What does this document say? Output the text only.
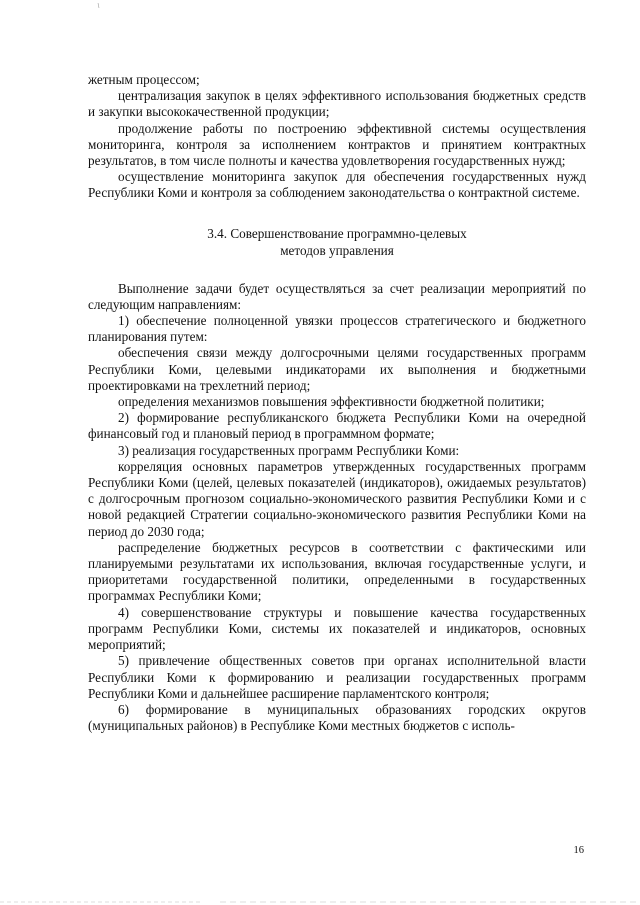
жетным процессом;

централизация закупок в целях эффективного использования бюджетных средств и закупки высококачественной продукции;

продолжение работы по построению эффективной системы осуществления мониторинга, контроля за исполнением контрактов и принятием контрактных результатов, в том числе полноты и качества удовлетворения государственных нужд;

осуществление мониторинга закупок для обеспечения государственных нужд Республики Коми и контроля за соблюдением законодательства о контрактной системе.

3.4. Совершенствование программно-целевых
методов управления

Выполнение задачи будет осуществляться за счет реализации мероприятий по следующим направлениям:

1) обеспечение полноценной увязки процессов стратегического и бюджетного планирования путем:

обеспечения связи между долгосрочными целями государственных программ Республики Коми, целевыми индикаторами их выполнения и бюджетными проектировками на трехлетний период;

определения механизмов повышения эффективности бюджетной политики;

2) формирование республиканского бюджета Республики Коми на очередной финансовый год и плановый период в программном формате;

3) реализация государственных программ Республики Коми:

корреляция основных параметров утвержденных государственных программ Республики Коми (целей, целевых показателей (индикаторов), ожидаемых результатов) с долгосрочным прогнозом социально-экономического развития Республики Коми и с новой редакцией Стратегии социально-экономического развития Республики Коми на период до 2030 года;

распределение бюджетных ресурсов в соответствии с фактическими или планируемыми результатами их использования, включая государственные услуги, и приоритетами государственной политики, определенными в государственных программах Республики Коми;

4) совершенствование структуры и повышение качества государственных программ Республики Коми, системы их показателей и индикаторов, основных мероприятий;

5) привлечение общественных советов при органах исполнительной власти Республики Коми к формированию и реализации государственных программ Республики Коми и дальнейшее расширение парламентского контроля;

6) формирование в муниципальных образованиях городских округов (муниципальных районов) в Республике Коми местных бюджетов с исполь-

16
